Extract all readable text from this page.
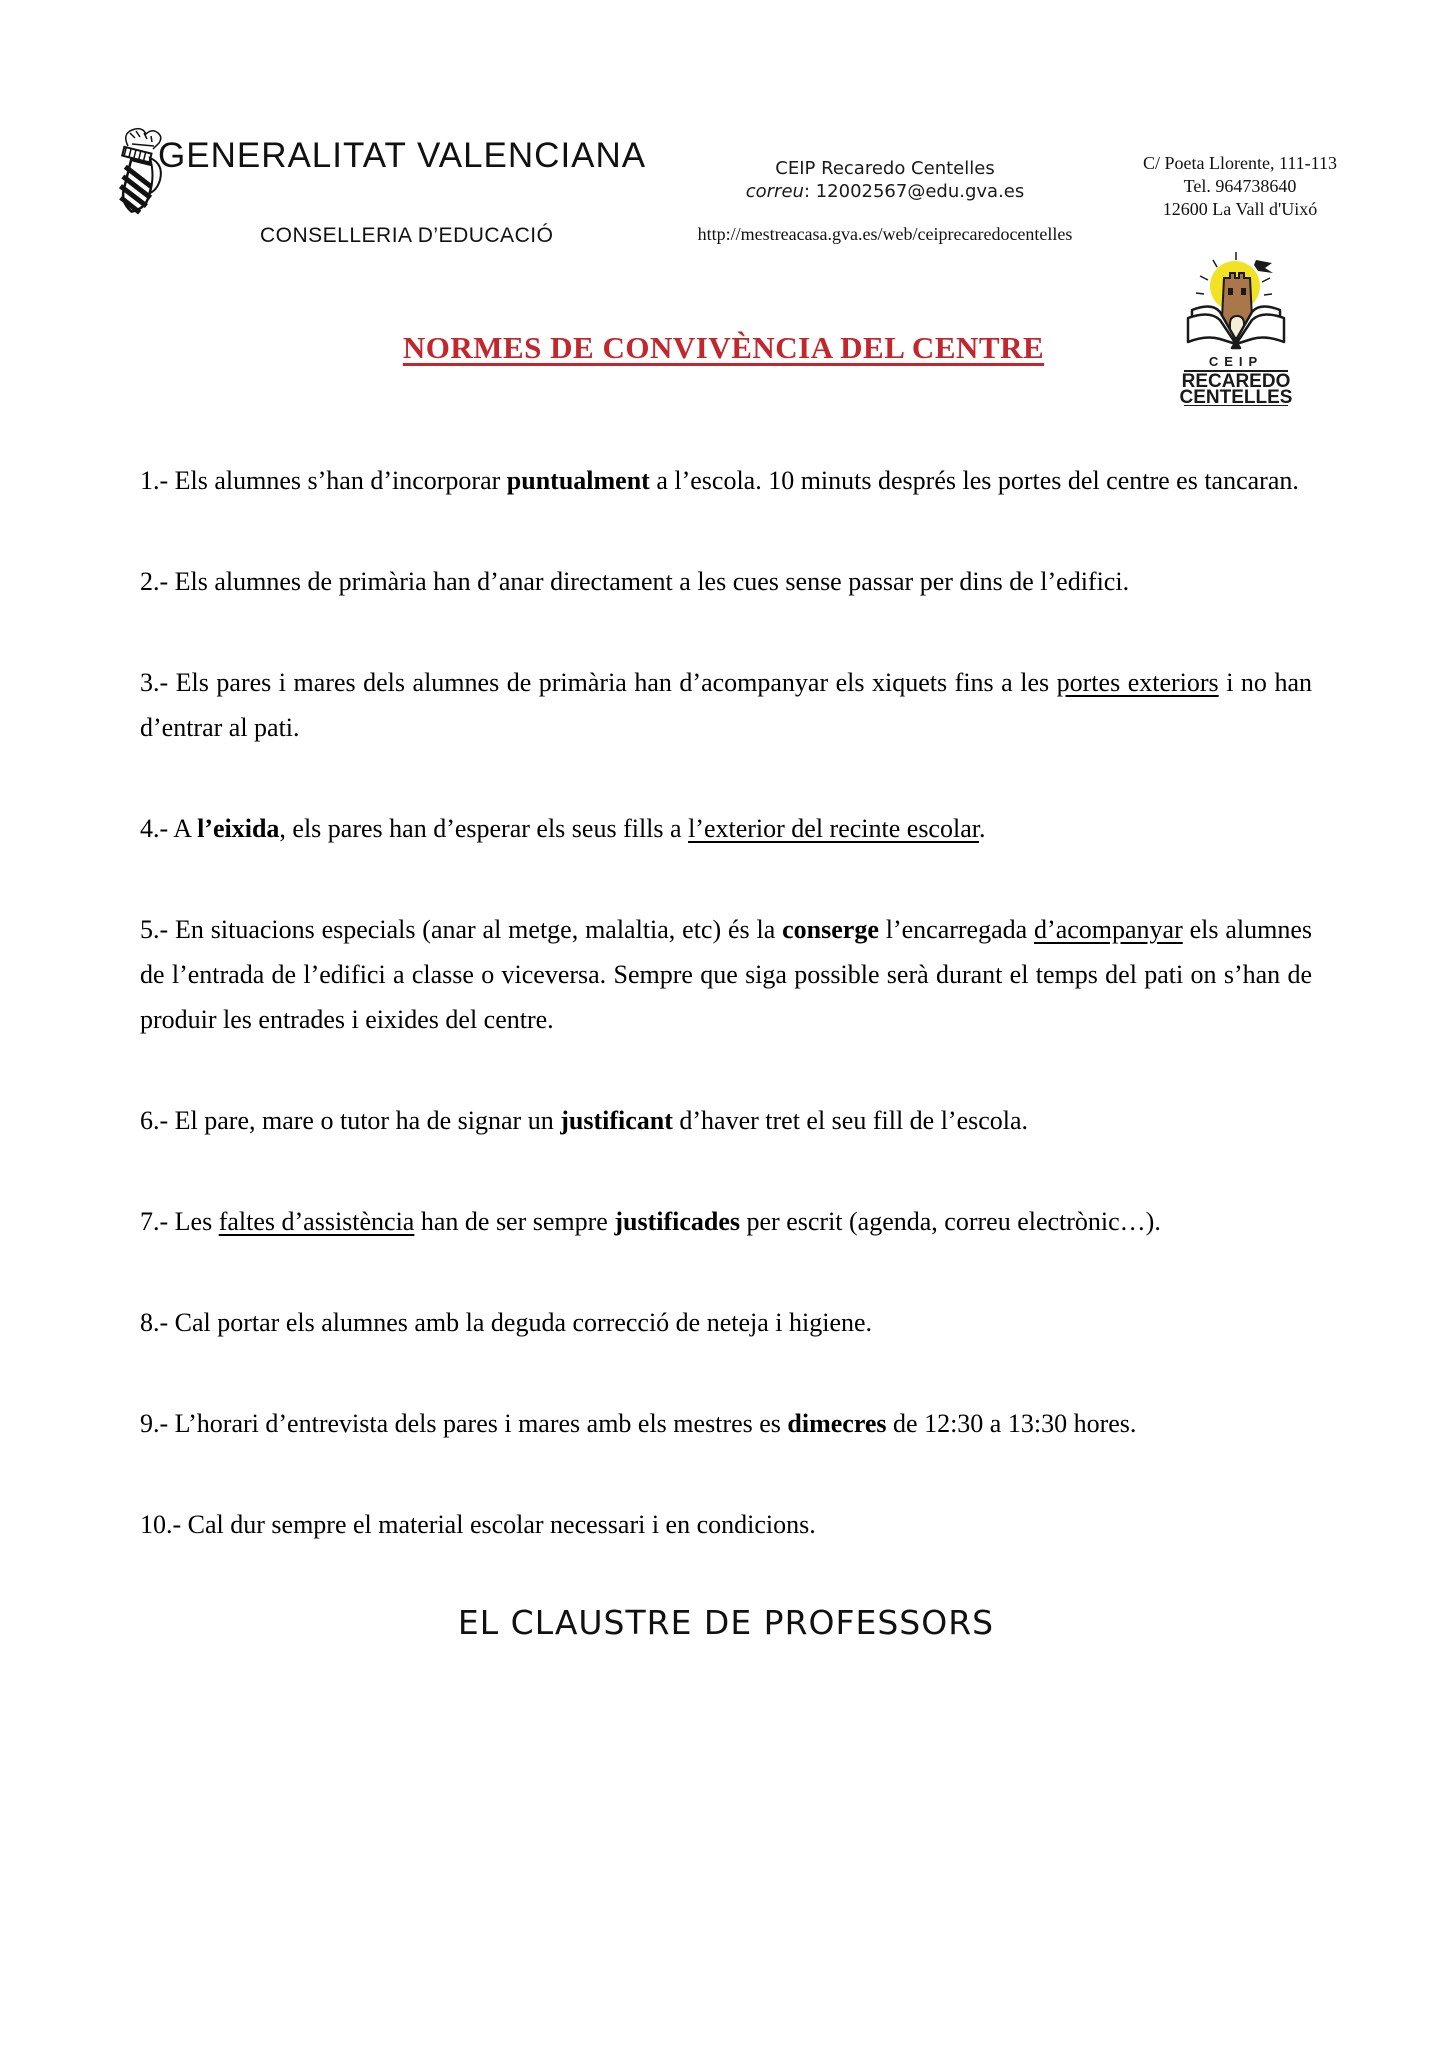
GENERALITAT VALENCIANA
CONSELLERIA D’EDUCACIÓ
CEIP Recaredo Centelles
correu: 12002567@edu.gva.es
http://mestreacasa.gva.es/web/ceiprecaredocentelles
C/ Poeta Llorente, 111-113
Tel. 964738640
12600 La Vall d'Uixó
CEIP
RECAREDO
CENTELLES
NORMES DE CONVIVÈNCIA DEL CENTRE

1.- Els alumnes s’han d’incorporar puntualment a l’escola. 10 minuts després les portes del centre es tancaran.

2.- Els alumnes de primària han d’anar directament a les cues sense passar per dins de l’edifici.

3.- Els pares i mares dels alumnes de primària han d’acompanyar els xiquets fins a les portes exteriors i no han d’entrar al pati.

4.- A l’eixida, els pares han d’esperar els seus fills a l’exterior del recinte escolar.

5.- En situacions especials (anar al metge, malaltia, etc) és la conserge l’encarregada d’acompanyar els alumnes de l’entrada de l’edifici a classe o viceversa. Sempre que siga possible serà durant el temps del pati on s’han de produir les entrades i eixides del centre.

6.- El pare, mare o tutor ha de signar un justificant d’haver tret el seu fill de l’escola.

7.- Les faltes d’assistència han de ser sempre justificades per escrit (agenda, correu electrònic…).

8.- Cal portar els alumnes amb la deguda correcció de neteja i higiene.

9.- L’horari d’entrevista dels pares i mares amb els mestres es dimecres de 12:30 a 13:30 hores.

10.- Cal dur sempre el material escolar necessari i en condicions.

EL CLAUSTRE DE PROFESSORS
